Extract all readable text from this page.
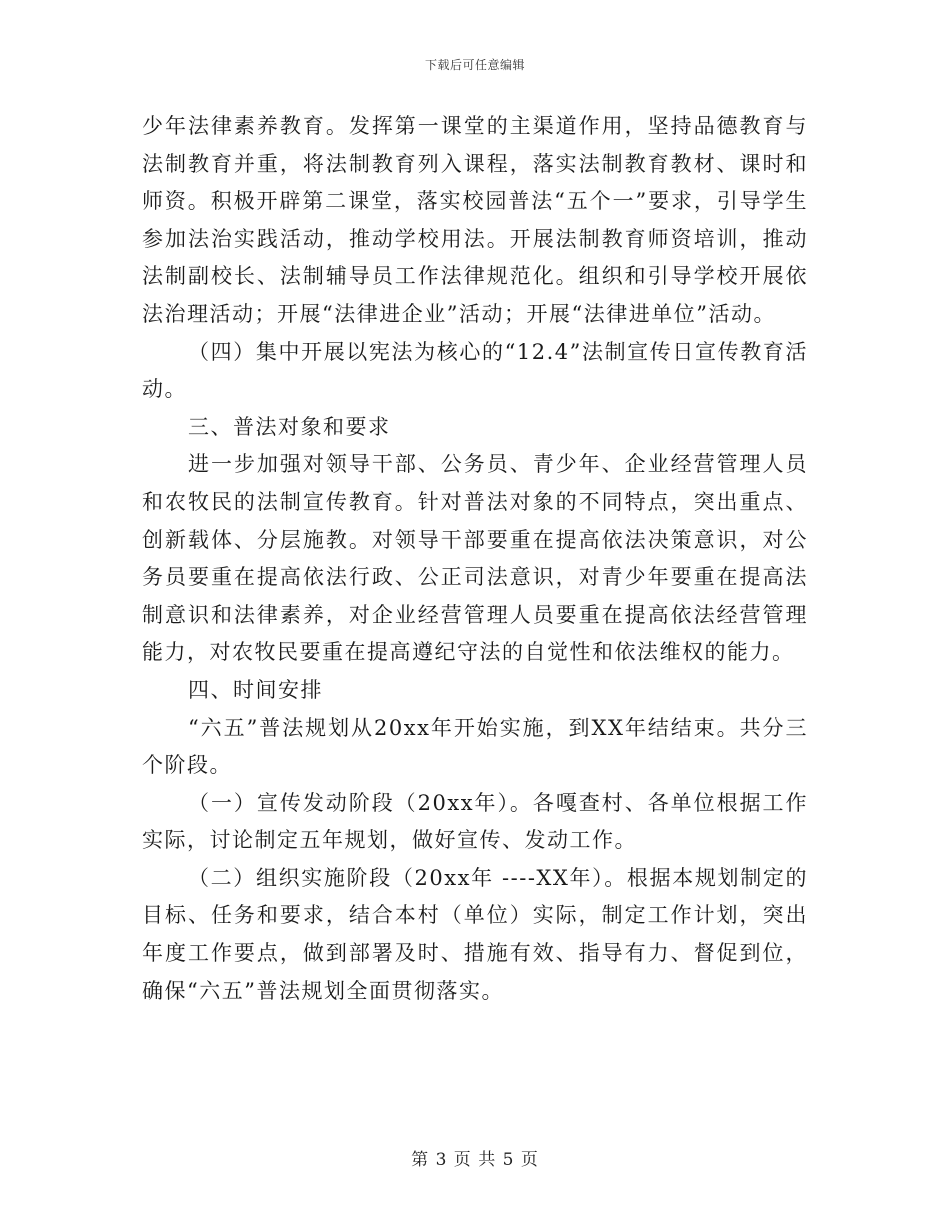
下载后可任意编辑

少年法律素养教育。发挥第一课堂的主渠道作用，坚持品德教育与法制教育并重，将法制教育列入课程，落实法制教育教材、课时和师资。积极开辟第二课堂，落实校园普法“五个一”要求，引导学生参加法治实践活动，推动学校用法。开展法制教育师资培训，推动法制副校长、法制辅导员工作法律规范化。组织和引导学校开展依法治理活动；开展“法律进企业”活动；开展“法律进单位”活动。

（四）集中开展以宪法为核心的“12.4”法制宣传日宣传教育活动。

三、普法对象和要求

进一步加强对领导干部、公务员、青少年、企业经营管理人员和农牧民的法制宣传教育。针对普法对象的不同特点，突出重点、创新载体、分层施教。对领导干部要重在提高依法决策意识，对公务员要重在提高依法行政、公正司法意识，对青少年要重在提高法制意识和法律素养，对企业经营管理人员要重在提高依法经营管理能力，对农牧民要重在提高遵纪守法的自觉性和依法维权的能力。

四、时间安排

“六五”普法规划从20xx年开始实施，到XX年结结束。共分三个阶段。

（一）宣传发动阶段（20xx年）。各嘎查村、各单位根据工作实际，讨论制定五年规划，做好宣传、发动工作。

（二）组织实施阶段（20xx年 ----XX年）。根据本规划制定的目标、任务和要求，结合本村（单位）实际，制定工作计划，突出年度工作要点，做到部署及时、措施有效、指导有力、督促到位，确保“六五”普法规划全面贯彻落实。

第 3 页 共 5 页
